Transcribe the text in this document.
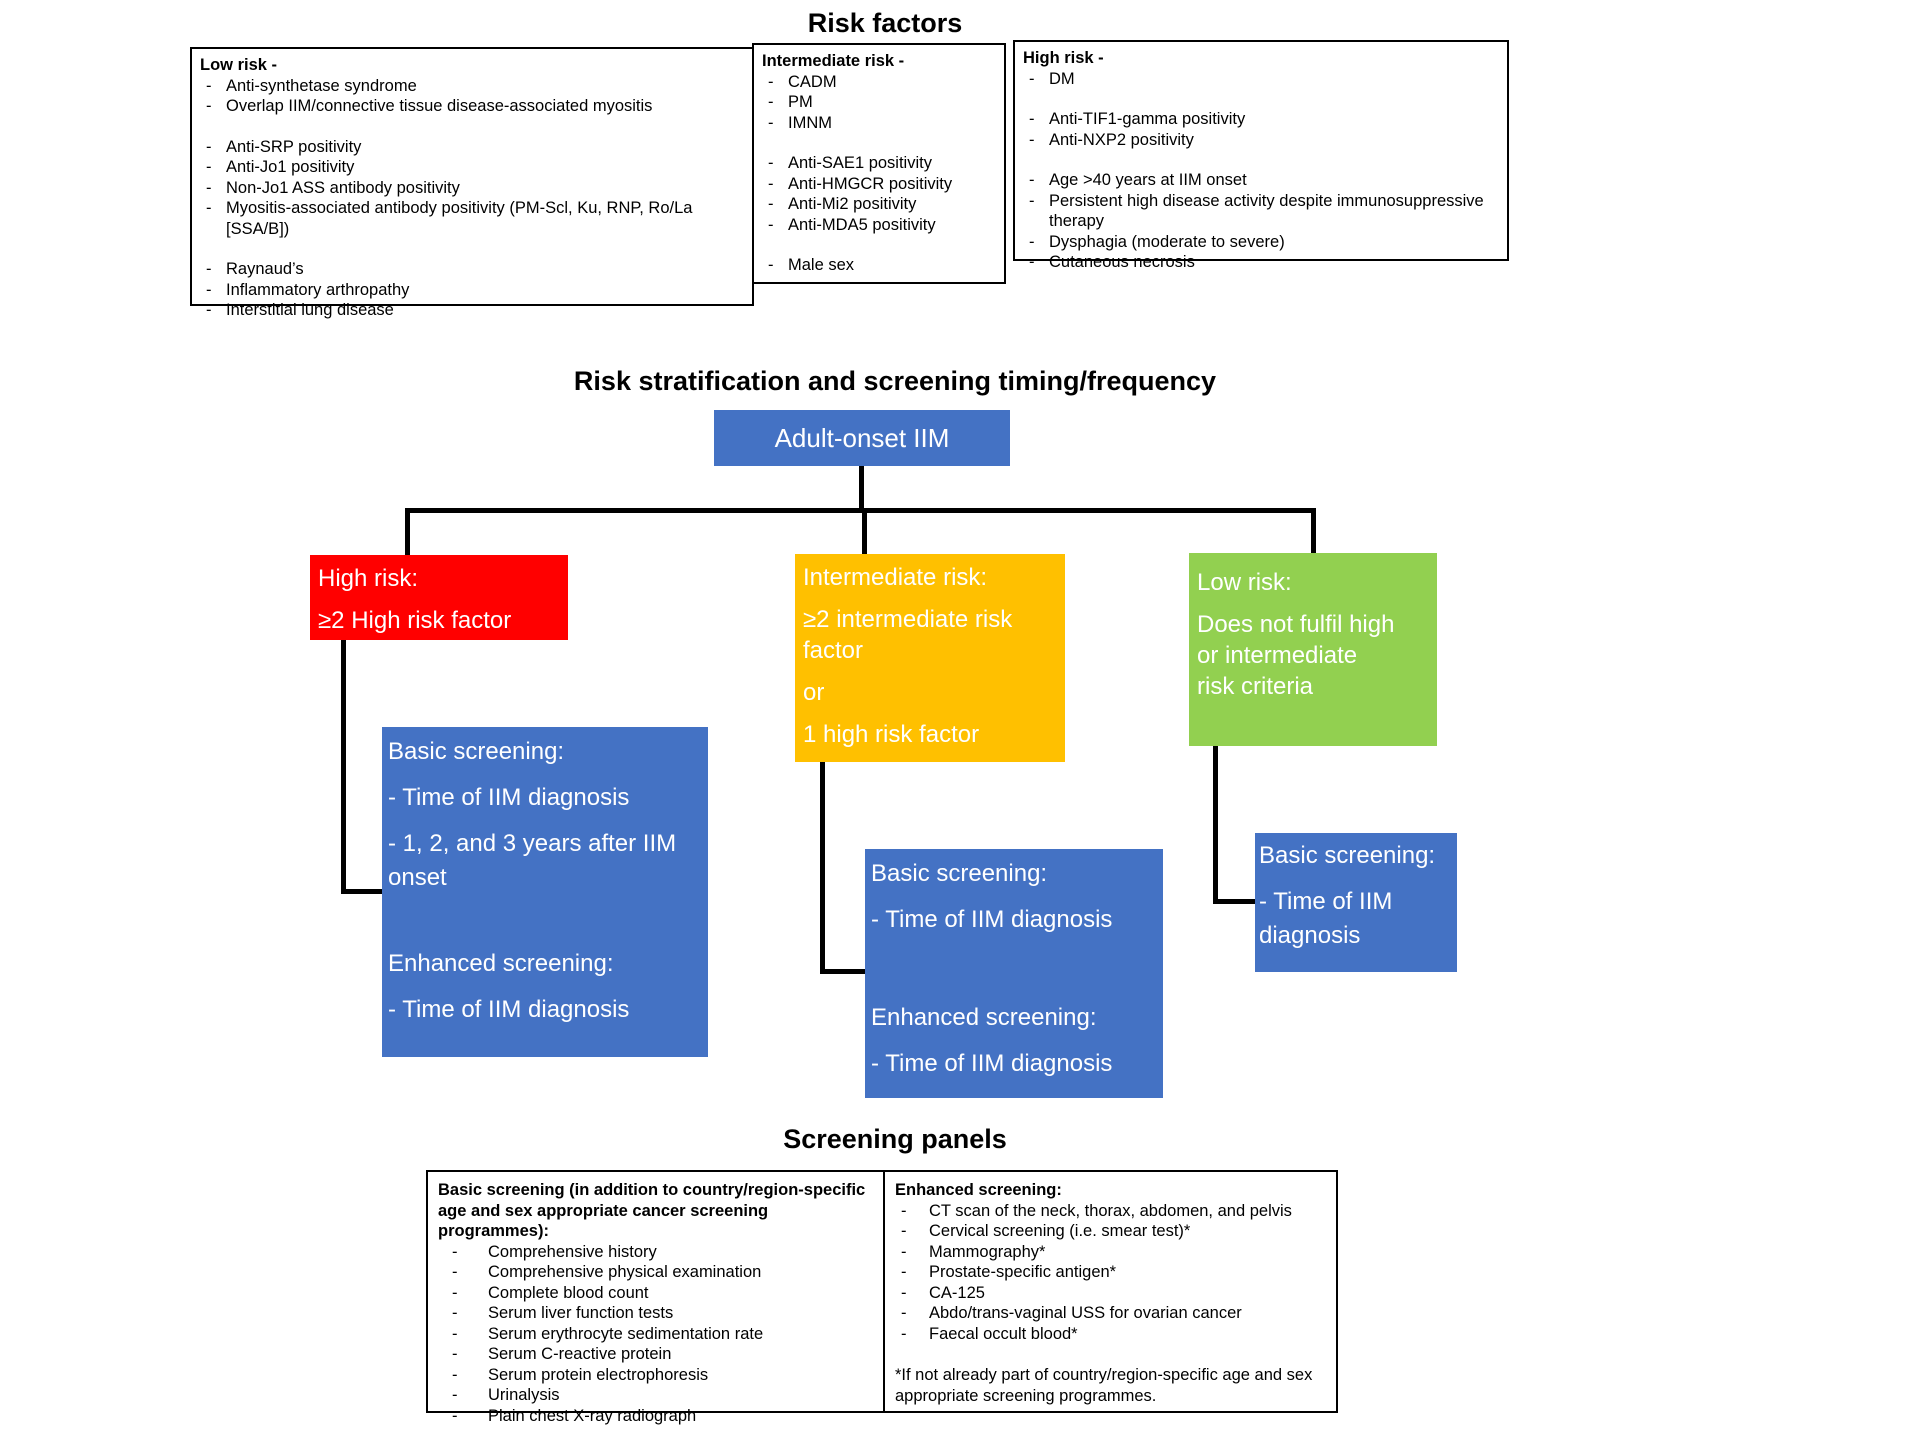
Risk factors
Low risk -
- Anti-synthetase syndrome
- Overlap IIM/connective tissue disease-associated myositis
- Anti-SRP positivity
- Anti-Jo1 positivity
- Non-Jo1 ASS antibody positivity
- Myositis-associated antibody positivity (PM-Scl, Ku, RNP, Ro/La [SSA/B])
- Raynaud’s
- Inflammatory arthropathy
- Interstitial lung disease
Intermediate risk -
- CADM
- PM
- IMNM
- Anti-SAE1 positivity
- Anti-HMGCR positivity
- Anti-Mi2 positivity
- Anti-MDA5 positivity
- Male sex
High risk -
- DM
- Anti-TIF1-gamma positivity
- Anti-NXP2 positivity
- Age >40 years at IIM onset
- Persistent high disease activity despite immunosuppressive therapy
- Dysphagia (moderate to severe)
- Cutaneous necrosis
Risk stratification and screening timing/frequency
Adult-onset IIM

High risk:

≥2 High risk factor

Intermediate risk:

≥2 intermediate risk factor

or

1 high risk factor

Low risk:

Does not fulfil high or intermediate risk criteria

Basic screening:

- Time of IIM diagnosis

- 1, 2, and 3 years after IIM onset

Enhanced screening:

- Time of IIM diagnosis

Basic screening:

- Time of IIM diagnosis

Enhanced screening:

- Time of IIM diagnosis

Basic screening:

- Time of IIM diagnosis

Screening panels
Basic screening (in addition to country/region-specific age and sex appropriate cancer screening programmes):
-	Comprehensive history
-	Comprehensive physical examination
-	Complete blood count
-	Serum liver function tests
-	Serum erythrocyte sedimentation rate
-	Serum C-reactive protein
-	Serum protein electrophoresis
-	Urinalysis
-	Plain chest X-ray radiograph
Enhanced screening:
-	CT scan of the neck, thorax, abdomen, and pelvis
-	Cervical screening (i.e. smear test)*
-	Mammography*
-	Prostate-specific antigen*
-	CA-125
-	Abdo/trans-vaginal USS for ovarian cancer
-	Faecal occult blood*
*If not already part of country/region-specific age and sex appropriate screening programmes.
